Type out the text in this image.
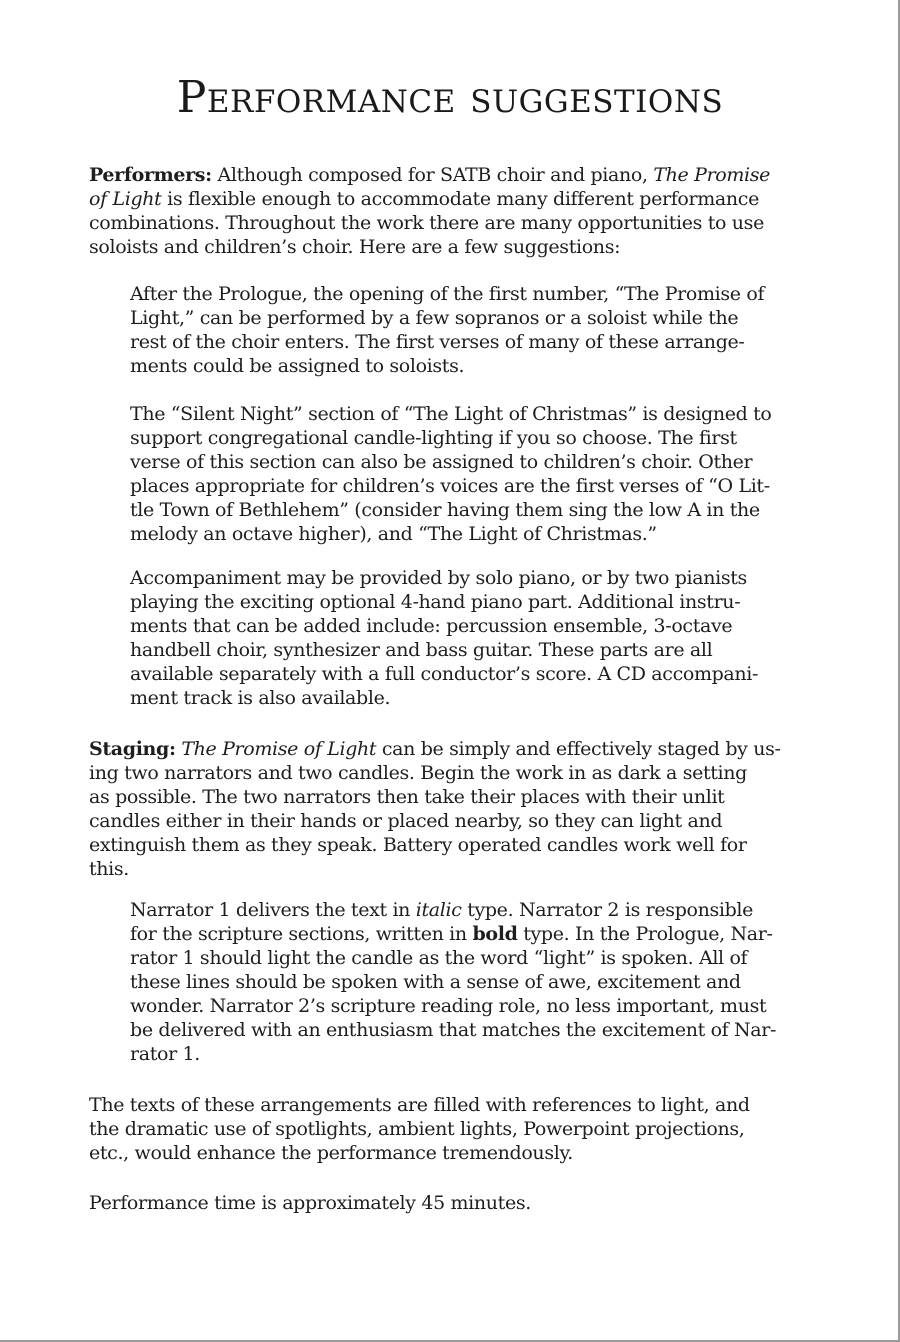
Performance suggestions

Performers: Although composed for SATB choir and piano, The Promise
of Light is flexible enough to accommodate many different performance
combinations. Throughout the work there are many opportunities to use
soloists and children’s choir. Here are a few suggestions:

After the Prologue, the opening of the first number, “The Promise of
Light,” can be performed by a few sopranos or a soloist while the
rest of the choir enters. The first verses of many of these arrange-
ments could be assigned to soloists.

The “Silent Night” section of “The Light of Christmas” is designed to
support congregational candle-lighting if you so choose. The first
verse of this section can also be assigned to children’s choir. Other
places appropriate for children’s voices are the first verses of “O Lit-
tle Town of Bethlehem” (consider having them sing the low A in the
melody an octave higher), and “The Light of Christmas.”

Accompaniment may be provided by solo piano, or by two pianists
playing the exciting optional 4-hand piano part. Additional instru-
ments that can be added include: percussion ensemble, 3-octave
handbell choir, synthesizer and bass guitar. These parts are all
available separately with a full conductor’s score. A CD accompani-
ment track is also available.

Staging: The Promise of Light can be simply and effectively staged by us-
ing two narrators and two candles. Begin the work in as dark a setting
as possible. The two narrators then take their places with their unlit
candles either in their hands or placed nearby, so they can light and
extinguish them as they speak. Battery operated candles work well for
this.

Narrator 1 delivers the text in italic type. Narrator 2 is responsible
for the scripture sections, written in bold type. In the Prologue, Nar-
rator 1 should light the candle as the word “light” is spoken. All of
these lines should be spoken with a sense of awe, excitement and
wonder. Narrator 2’s scripture reading role, no less important, must
be delivered with an enthusiasm that matches the excitement of Nar-
rator 1.

The texts of these arrangements are filled with references to light, and
the dramatic use of spotlights, ambient lights, Powerpoint projections,
etc., would enhance the performance tremendously.

Performance time is approximately 45 minutes.
